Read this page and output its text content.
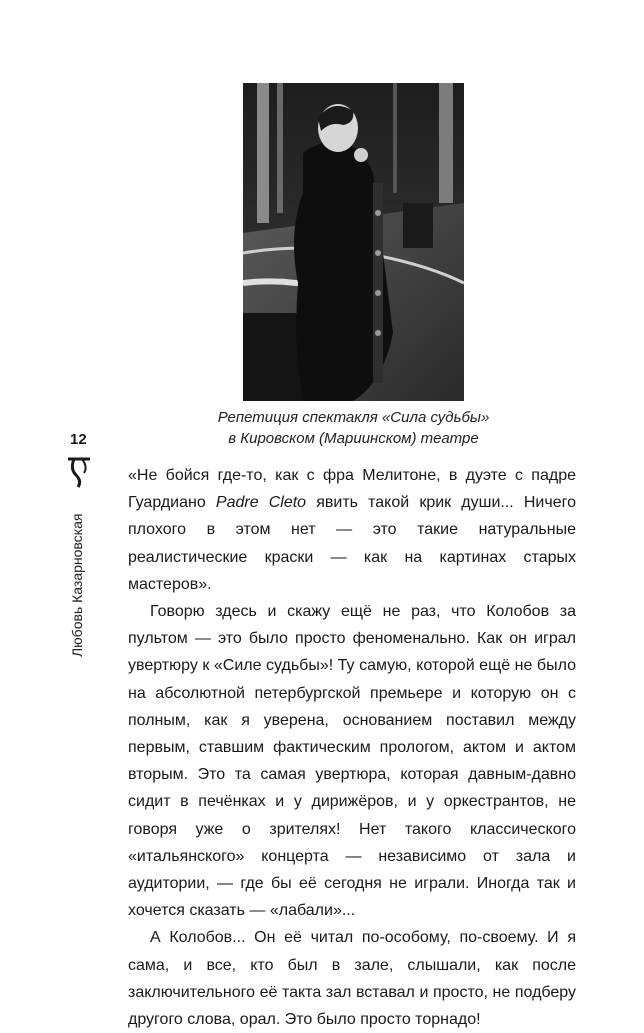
Репетиция спектакля «Сила судьбы»
в Кировском (Мариинском) театре
12
Любовь Казарновская

«Не бойся где-то, как с фра Мелитоне, в дуэте с падре Гуардиано Padre Cleto явить такой крик души... Ничего плохого в этом нет — это такие натуральные реалистические краски — как на картинах старых мастеров».

Говорю здесь и скажу ещё не раз, что Колобов за пультом — это было просто феноменально. Как он играл увертюру к «Силе судьбы»! Ту самую, которой ещё не было на абсолютной петербургской премьере и которую он с полным, как я уверена, основанием поставил между первым, ставшим фактическим прологом, актом и актом вторым. Это та самая увертюра, которая давным-давно сидит в печёнках и у дирижёров, и у оркестрантов, не говоря уже о зрителях! Нет такого классического «итальянского» концерта — независимо от зала и аудитории, — где бы её сегодня не играли. Иногда так и хочется сказать — «лабали»...

А Колобов... Он её читал по-особому, по-своему. И я сама, и все, кто был в зале, слышали, как после заключительного её такта зал вставал и просто, не подберу другого слова, орал. Это было просто торнадо!
